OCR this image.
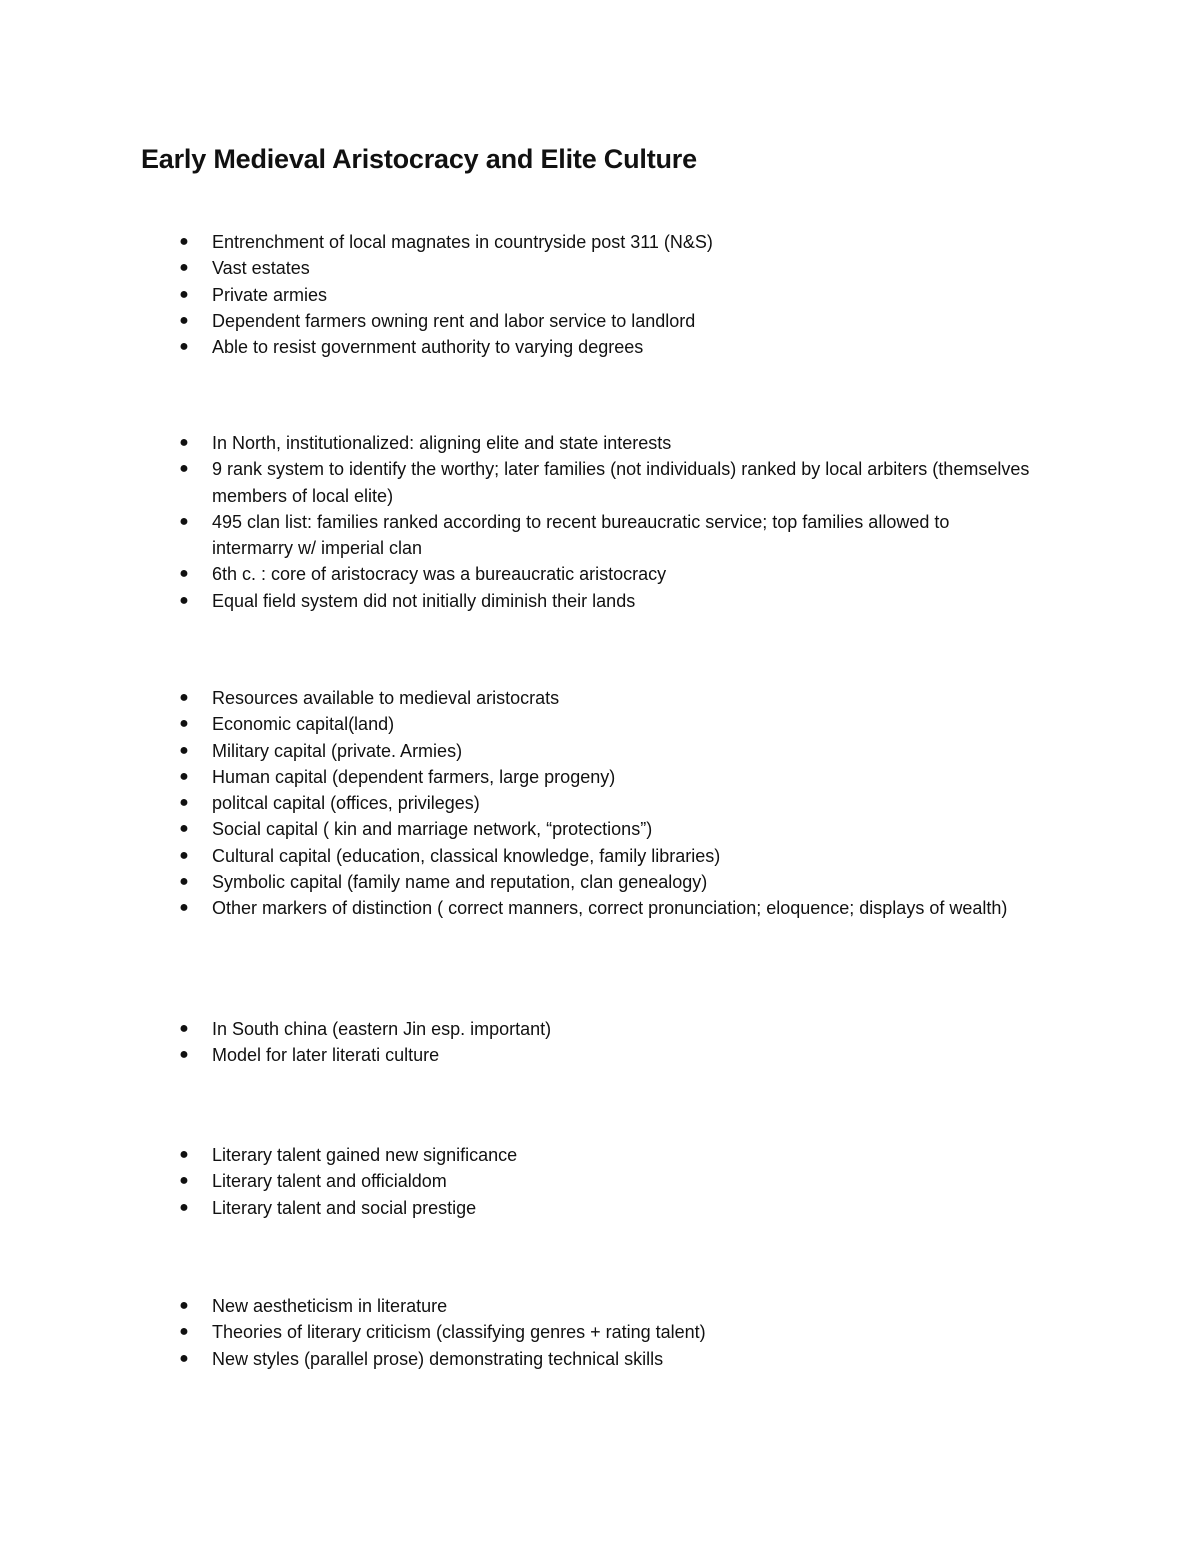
Early Medieval Aristocracy and Elite Culture
● Entrenchment of local magnates in countryside post 311 (N&S)
● Vast estates
● Private armies
● Dependent farmers owning rent and labor service to landlord
● Able to resist government authority to varying degrees
● In North, institutionalized: aligning elite and state interests
● 9 rank system to identify the worthy; later families (not individuals) ranked by local arbiters (themselves members of local elite)
● 495 clan list: families ranked according to recent bureaucratic service; top families allowed to intermarry w/ imperial clan
● 6th c. : core of aristocracy was a bureaucratic aristocracy
● Equal field system did not initially diminish their lands
● Resources available to medieval aristocrats
● Economic capital(land)
● Military capital (private. Armies)
● Human capital (dependent farmers, large progeny)
● politcal capital (offices, privileges)
● Social capital ( kin and marriage network, “protections”)
● Cultural capital (education, classical knowledge, family libraries)
● Symbolic capital (family name and reputation, clan genealogy)
● Other markers of distinction ( correct manners, correct pronunciation; eloquence; displays of wealth)
● In South china (eastern Jin esp. important)
● Model for later literati culture
● Literary talent gained new significance
● Literary talent and officialdom
● Literary talent and social prestige
● New aestheticism in literature
● Theories of literary criticism (classifying genres + rating talent)
● New styles (parallel prose) demonstrating technical skills
